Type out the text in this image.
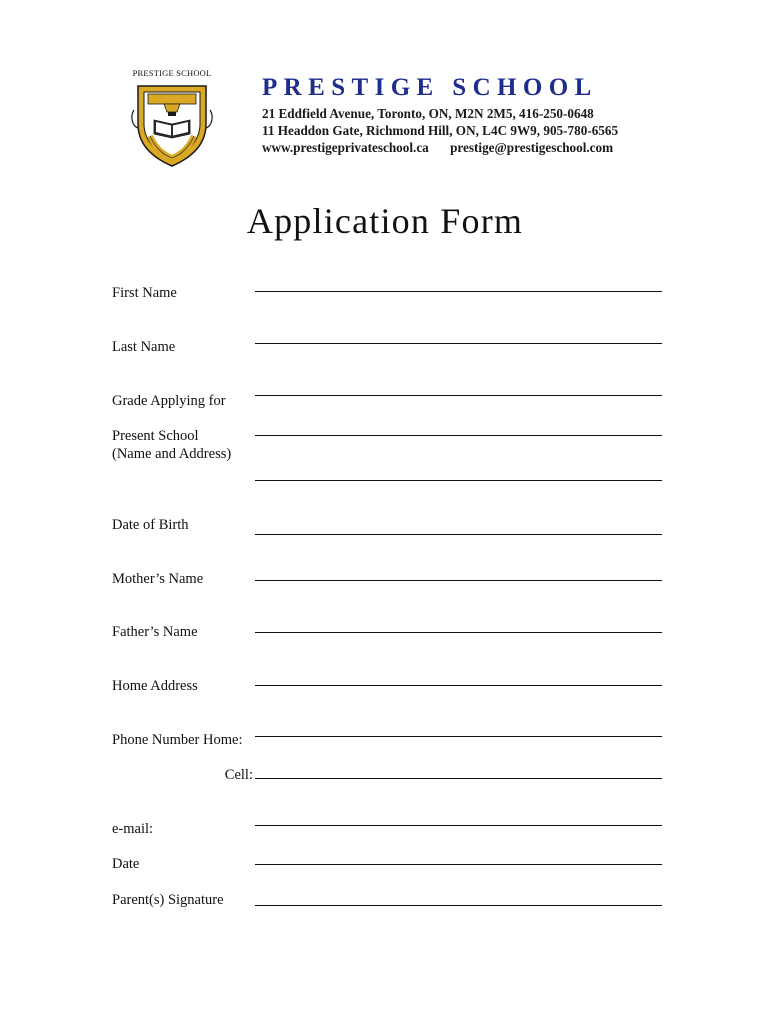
PRESTIGE SCHOOL
PRESTIGE SCHOOL
21 Eddfield Avenue, Toronto, ON, M2N 2M5, 416-250-0648
11 Headdon Gate, Richmond Hill, ON, L4C 9W9, 905-780-6565
www.prestigeprivateschool.ca prestige@prestigeschool.com
Application Form
First Name
Last Name
Grade Applying for
Present School
(Name and Address)
Date of Birth
Mother’s Name
Father’s Name
Home Address
Phone Number Home:
Cell:
e-mail:
Date
Parent(s) Signature
